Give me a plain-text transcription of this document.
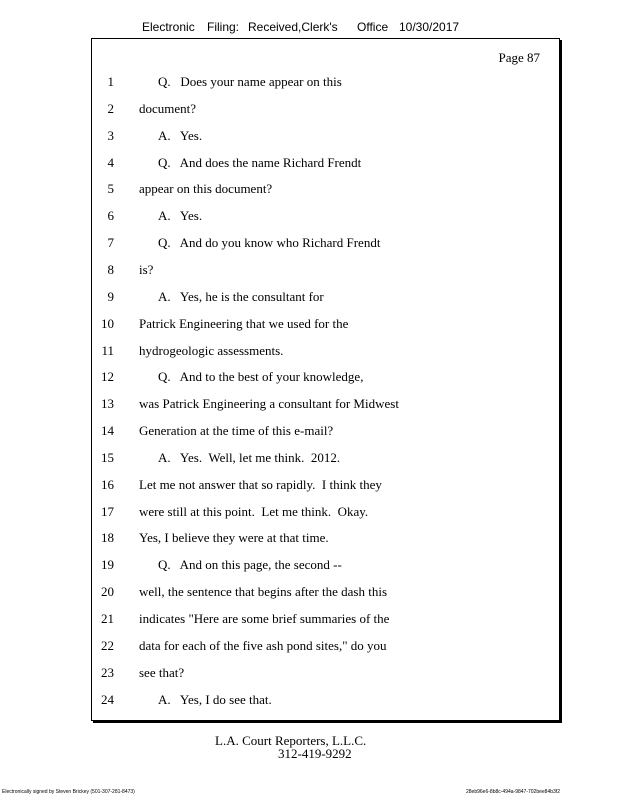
Electronic Filing: Received,Clerk's Office 10/30/2017
Page 87
1	Q.   Does your name appear on this
2 document?
3	A.   Yes.
4	Q.   And does the name Richard Frendt
5 appear on this document?
6	A.   Yes.
7	Q.   And do you know who Richard Frendt
8 is?
9	A.   Yes, he is the consultant for
10 Patrick Engineering that we used for the
11 hydrogeologic assessments.
12	Q.   And to the best of your knowledge,
13 was Patrick Engineering a consultant for Midwest
14 Generation at the time of this e-mail?
15	A.   Yes.  Well, let me think.  2012.
16 Let me not answer that so rapidly.  I think they
17 were still at this point.  Let me think.  Okay.
18 Yes, I believe they were at that time.
19	Q.   And on this page, the second --
20 well, the sentence that begins after the dash this
21 indicates "Here are some brief summaries of the
22 data for each of the five ash pond sites," do you
23 see that?
24	A.   Yes, I do see that.
L.A. Court Reporters, L.L.C.
312-419-9292
Electronically signed by Steven Brickey (501-307-281-8473)	28eb96e6-8b8c-494a-9847-702bee84b3f2
